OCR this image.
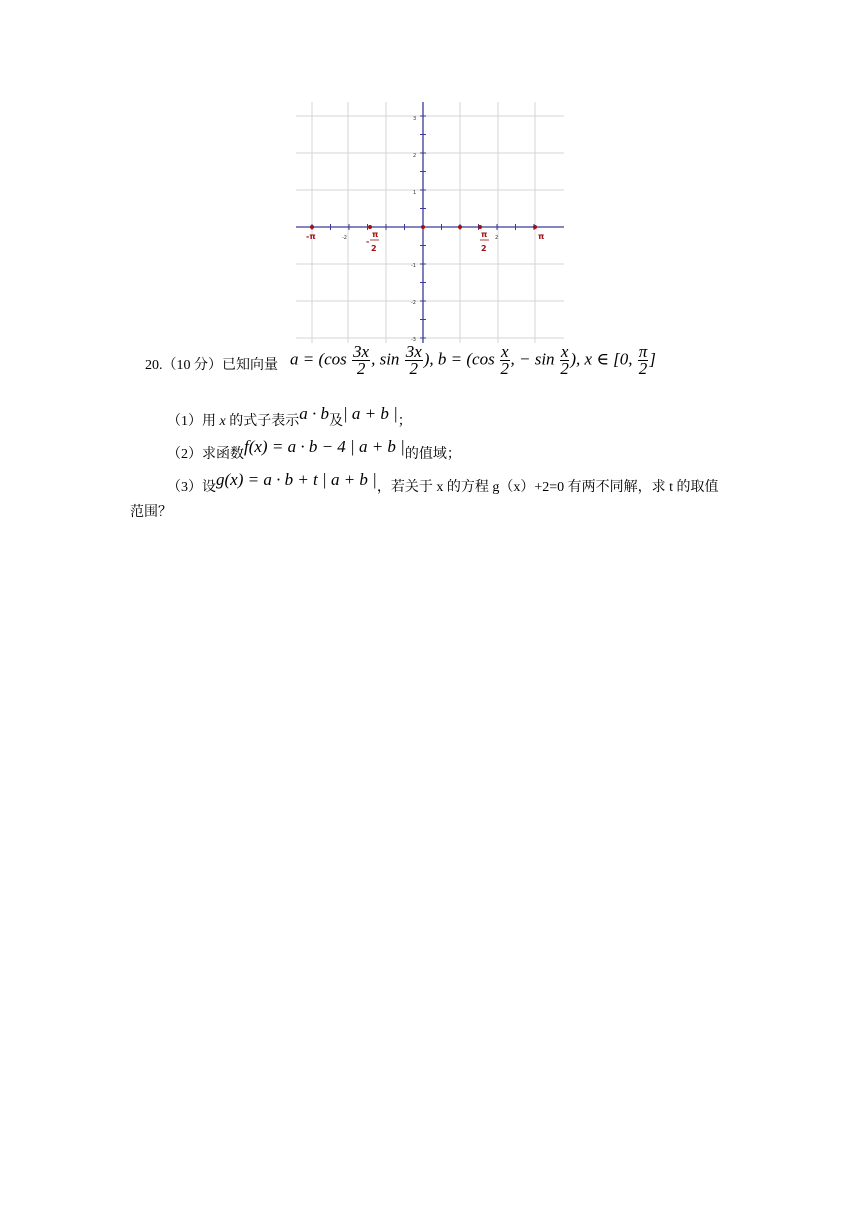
-2	2
3
2
1
-1
-2
-3
-π
-
π
2
π
2
π
20.（10 分）已知向量 $a = (\cos \frac{3x}{2}$ , $\sin \frac{3x}{2}$ ), $b = (\cos \frac{x}{2}$ , − $\sin \frac{x}{2}$ ), x ∈ [0, $\frac{\pi}{2}$ ]
（1）用 x 的式子表示a · b及| a + b |；
（2）求函数f(x) = a · b − 4 | a + b |的值域；
（3）设g(x) = a · b + t | a + b |，若关于 x 的方程 g（x）+2=0 有两不同解，求 t 的取值
范围？
